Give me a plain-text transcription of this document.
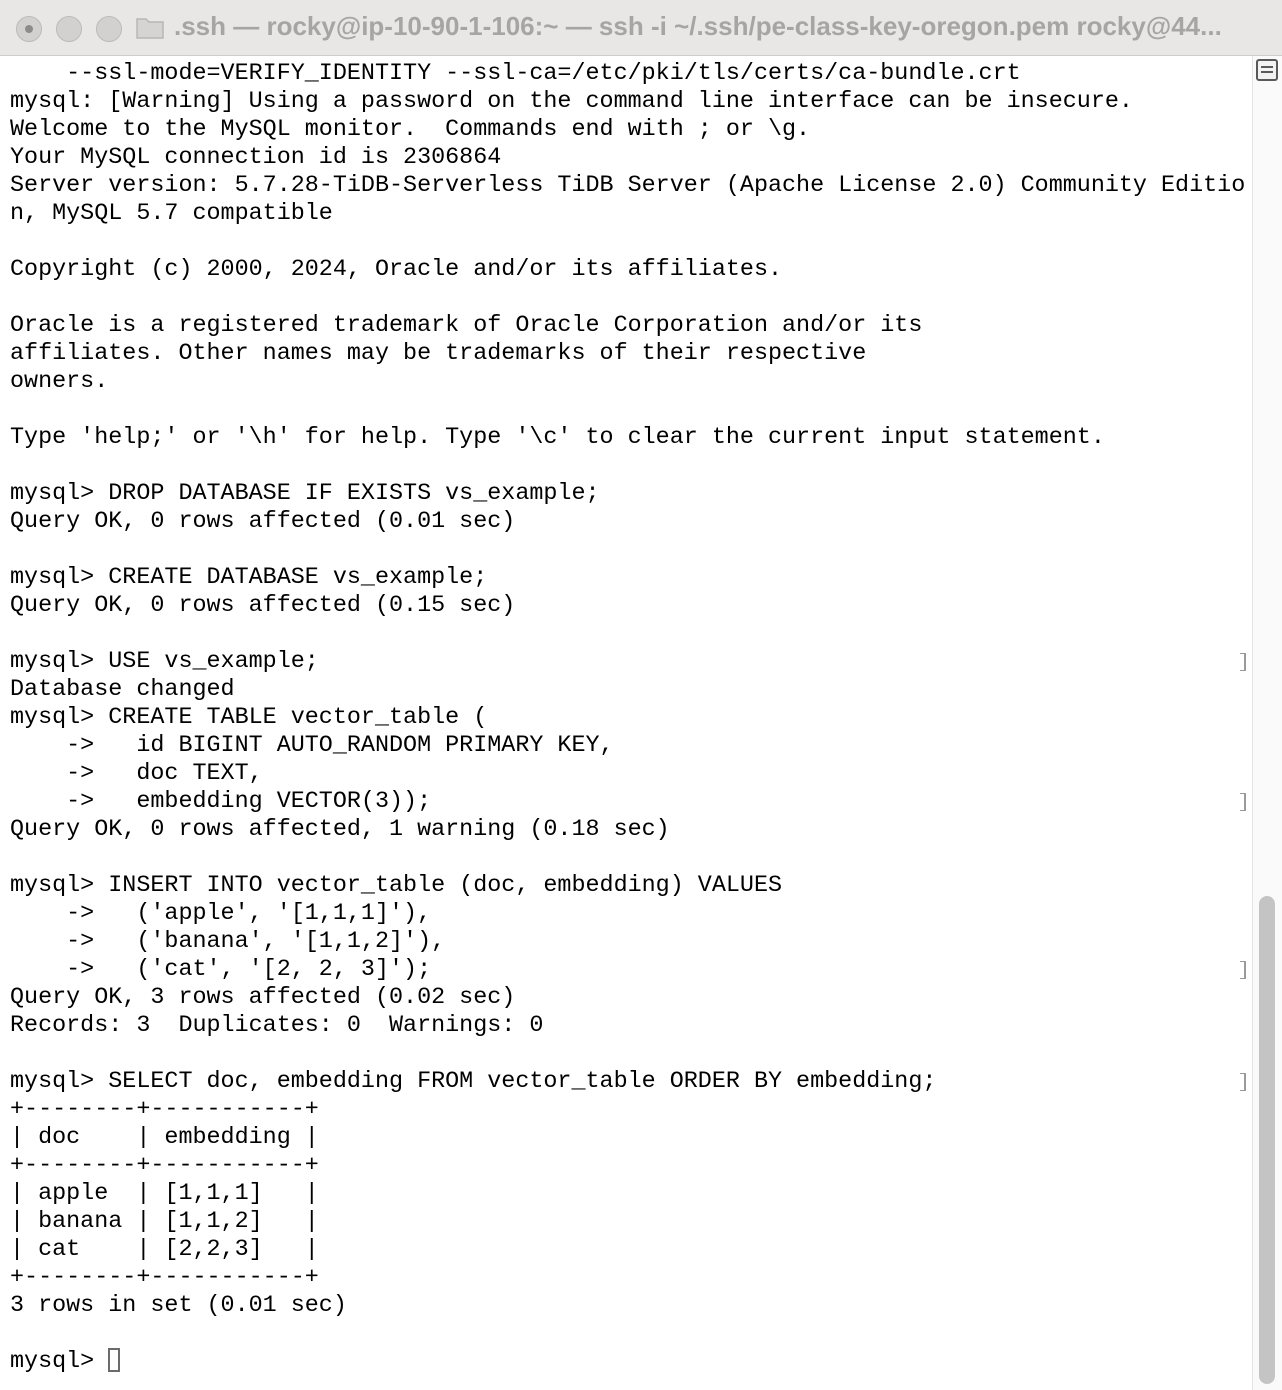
.ssh — rocky@ip-10-90-1-106:~ — ssh -i ~/.ssh/pe-class-key-oregon.pem rocky@44...
--ssl-mode=VERIFY_IDENTITY --ssl-ca=/etc/pki/tls/certs/ca-bundle.crt
mysql: [Warning] Using a password on the command line interface can be insecure.
Welcome to the MySQL monitor.  Commands end with ; or \g.
Your MySQL connection id is 2306864
Server version: 5.7.28-TiDB-Serverless TiDB Server (Apache License 2.0) Community Editio
n, MySQL 5.7 compatible
Copyright (c) 2000, 2024, Oracle and/or its affiliates.
Oracle is a registered trademark of Oracle Corporation and/or its
affiliates. Other names may be trademarks of their respective
owners.
Type 'help;' or '\h' for help. Type '\c' to clear the current input statement.
mysql> DROP DATABASE IF EXISTS vs_example;
Query OK, 0 rows affected (0.01 sec)
mysql> CREATE DATABASE vs_example;
Query OK, 0 rows affected (0.15 sec)
mysql> USE vs_example;
Database changed
mysql> CREATE TABLE vector_table (
->   id BIGINT AUTO_RANDOM PRIMARY KEY,
->   doc TEXT,
->   embedding VECTOR(3));
Query OK, 0 rows affected, 1 warning (0.18 sec)
mysql> INSERT INTO vector_table (doc, embedding) VALUES
->   ('apple', '[1,1,1]'),
->   ('banana', '[1,1,2]'),
->   ('cat', '[2, 2, 3]');
Query OK, 3 rows affected (0.02 sec)
Records: 3  Duplicates: 0  Warnings: 0
mysql> SELECT doc, embedding FROM vector_table ORDER BY embedding;
+--------+-----------+
| doc    | embedding |
+--------+-----------+
| apple  | [1,1,1]   |
| banana | [1,1,2]   |
| cat    | [2,2,3]   |
+--------+-----------+
3 rows in set (0.01 sec)
mysql>
